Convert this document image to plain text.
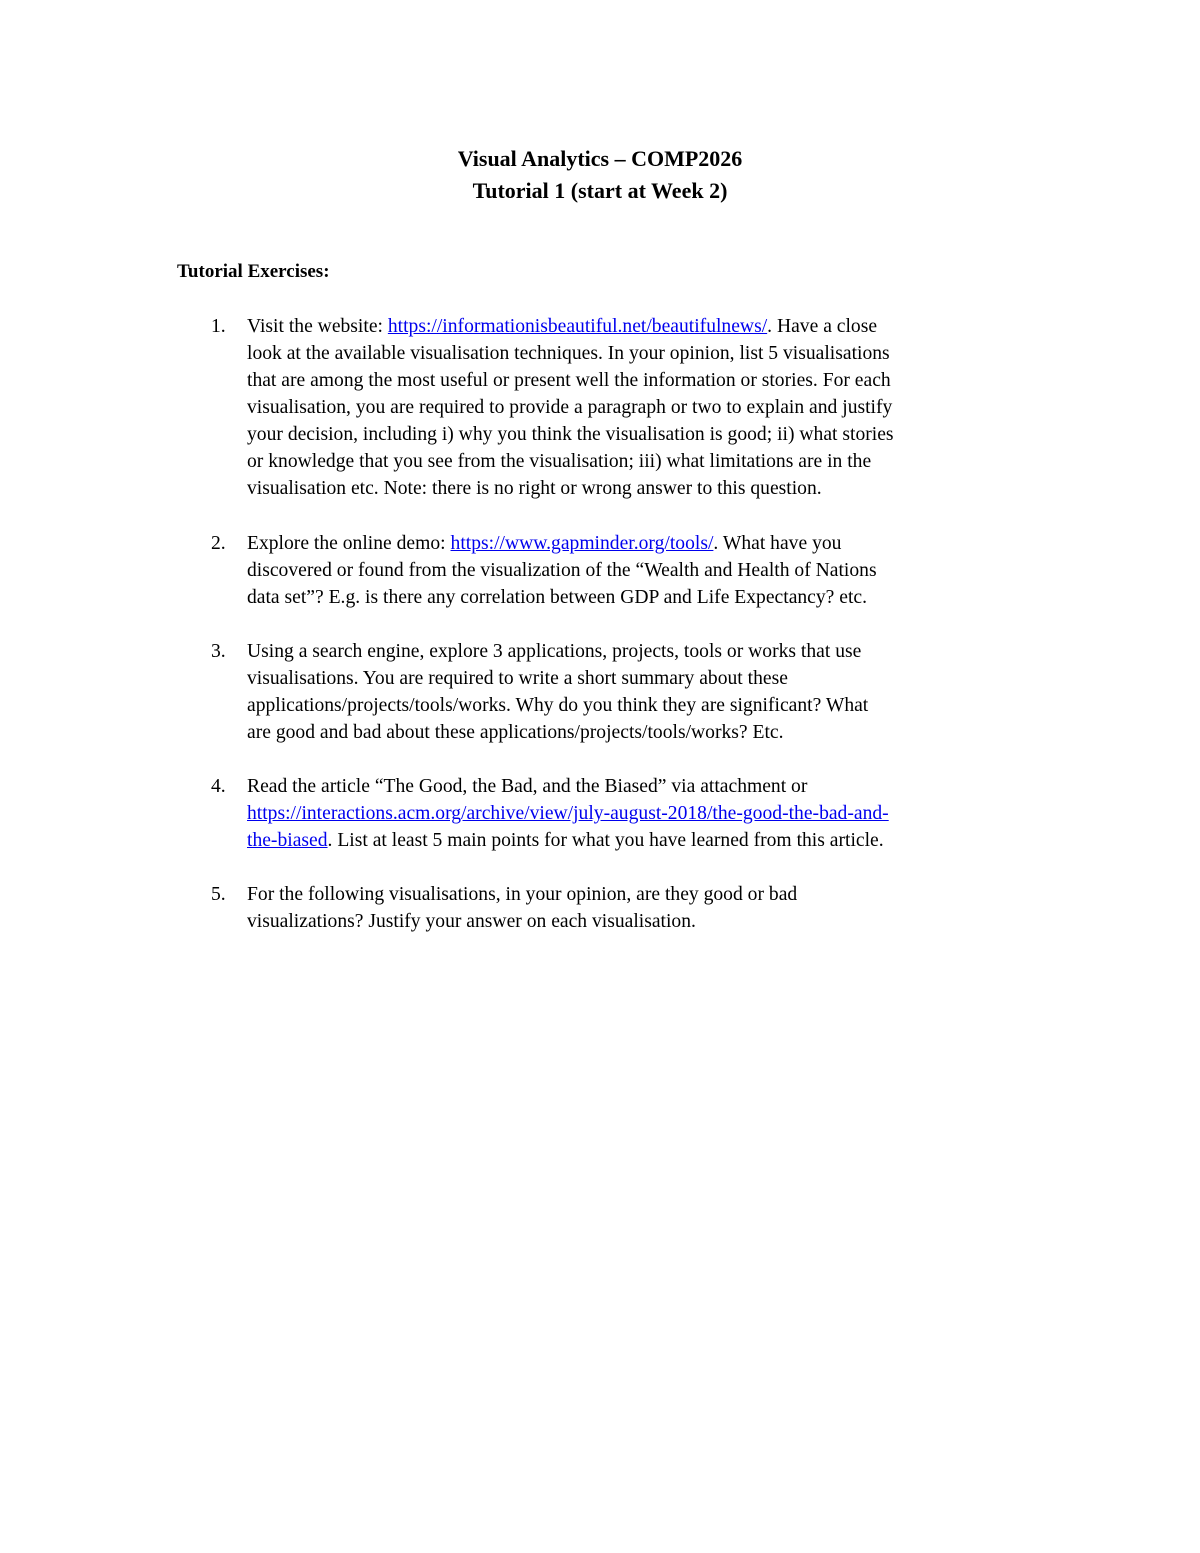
Visual Analytics – COMP2026
Tutorial 1 (start at Week 2)
Tutorial Exercises:
1.	Visit the website: https://informationisbeautiful.net/beautifulnews/. Have a close
look at the available visualisation techniques. In your opinion, list 5 visualisations
that are among the most useful or present well the information or stories. For each
visualisation, you are required to provide a paragraph or two to explain and justify
your decision, including i) why you think the visualisation is good; ii) what stories
or knowledge that you see from the visualisation; iii) what limitations are in the
visualisation etc. Note: there is no right or wrong answer to this question.
2.	Explore the online demo: https://www.gapminder.org/tools/. What have you
discovered or found from the visualization of the “Wealth and Health of Nations
data set”? E.g. is there any correlation between GDP and Life Expectancy? etc.
3.	Using a search engine, explore 3 applications, projects, tools or works that use
visualisations. You are required to write a short summary about these
applications/projects/tools/works. Why do you think they are significant? What
are good and bad about these applications/projects/tools/works? Etc.
4.	Read the article “The Good, the Bad, and the Biased” via attachment or
https://interactions.acm.org/archive/view/july-august-2018/the-good-the-bad-and-
the-biased. List at least 5 main points for what you have learned from this article.
5.	For the following visualisations, in your opinion, are they good or bad
visualizations? Justify your answer on each visualisation.
